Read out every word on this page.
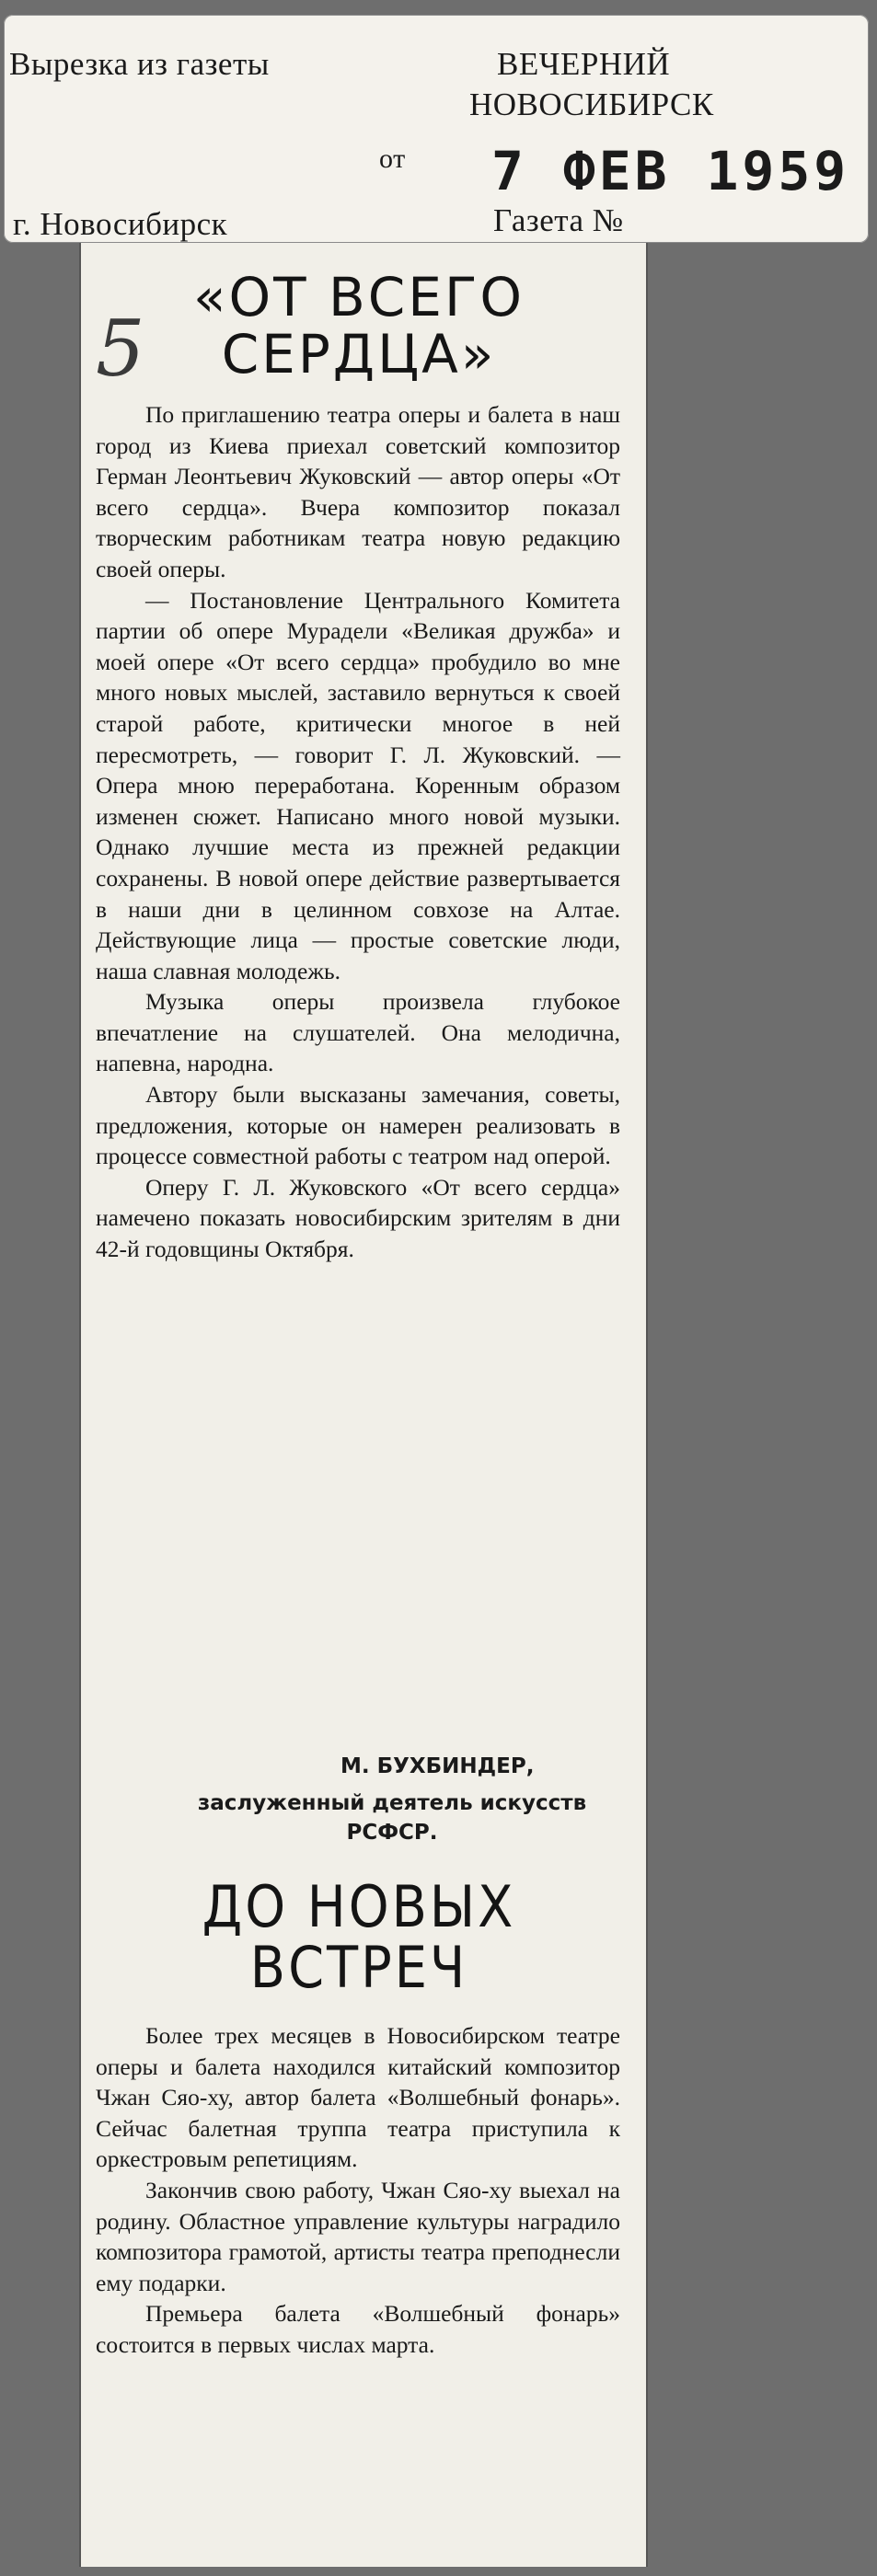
Вырезка из газеты	ВЕЧЕРНИЙ
НОВОСИБИРСК
от 7 ФЕВ 1959
г. Новосибирск	Газета №
5
«ОТ ВСЕГО
СЕРДЦА»

По приглашению театра оперы и балета в наш город из Киева приехал советский композитор Герман Леонтьевич Жуковский — автор оперы «От всего сердца». Вчера композитор показал творческим работникам театра новую редакцию своей оперы.

— Постановление Центрального Комитета партии об опере Мурадели «Великая дружба» и моей опере «От всего сердца» пробудило во мне много новых мыслей, заставило вернуться к своей старой работе, критически многое в ней пересмотреть, — говорит Г. Л. Жуковский. — Опера мною переработана. Коренным образом изменен сюжет. Написано много новой музыки. Однако лучшие места из прежней редакции сохранены. В новой опере действие развертывается в наши дни в целинном совхозе на Алтае. Действующие лица — простые советские люди, наша славная молодежь.

Музыка оперы произвела глубокое впечатление на слушателей. Она мелодична, напевна, народна.

Автору были высказаны замечания, советы, предложения, которые он намерен реализовать в процессе совместной работы с театром над оперой.

Оперу Г. Л. Жуковского «От всего сердца» намечено показать новосибирским зрителям в дни 42-й годовщины Октября.

М. БУХБИНДЕР,
заслуженный деятель искусств РСФСР.
ДО НОВЫХ
ВСТРЕЧ

Более трех месяцев в Новосибирском театре оперы и балета находился китайский композитор Чжан Сяо-ху, автор балета «Волшебный фонарь». Сейчас балетная труппа театра приступила к оркестровым репетициям.

Закончив свою работу, Чжан Сяо-ху выехал на родину. Областное управление культуры наградило композитора грамотой, артисты театра преподнесли ему подарки.

Премьера балета «Волшебный фонарь» состоится в первых числах марта.
